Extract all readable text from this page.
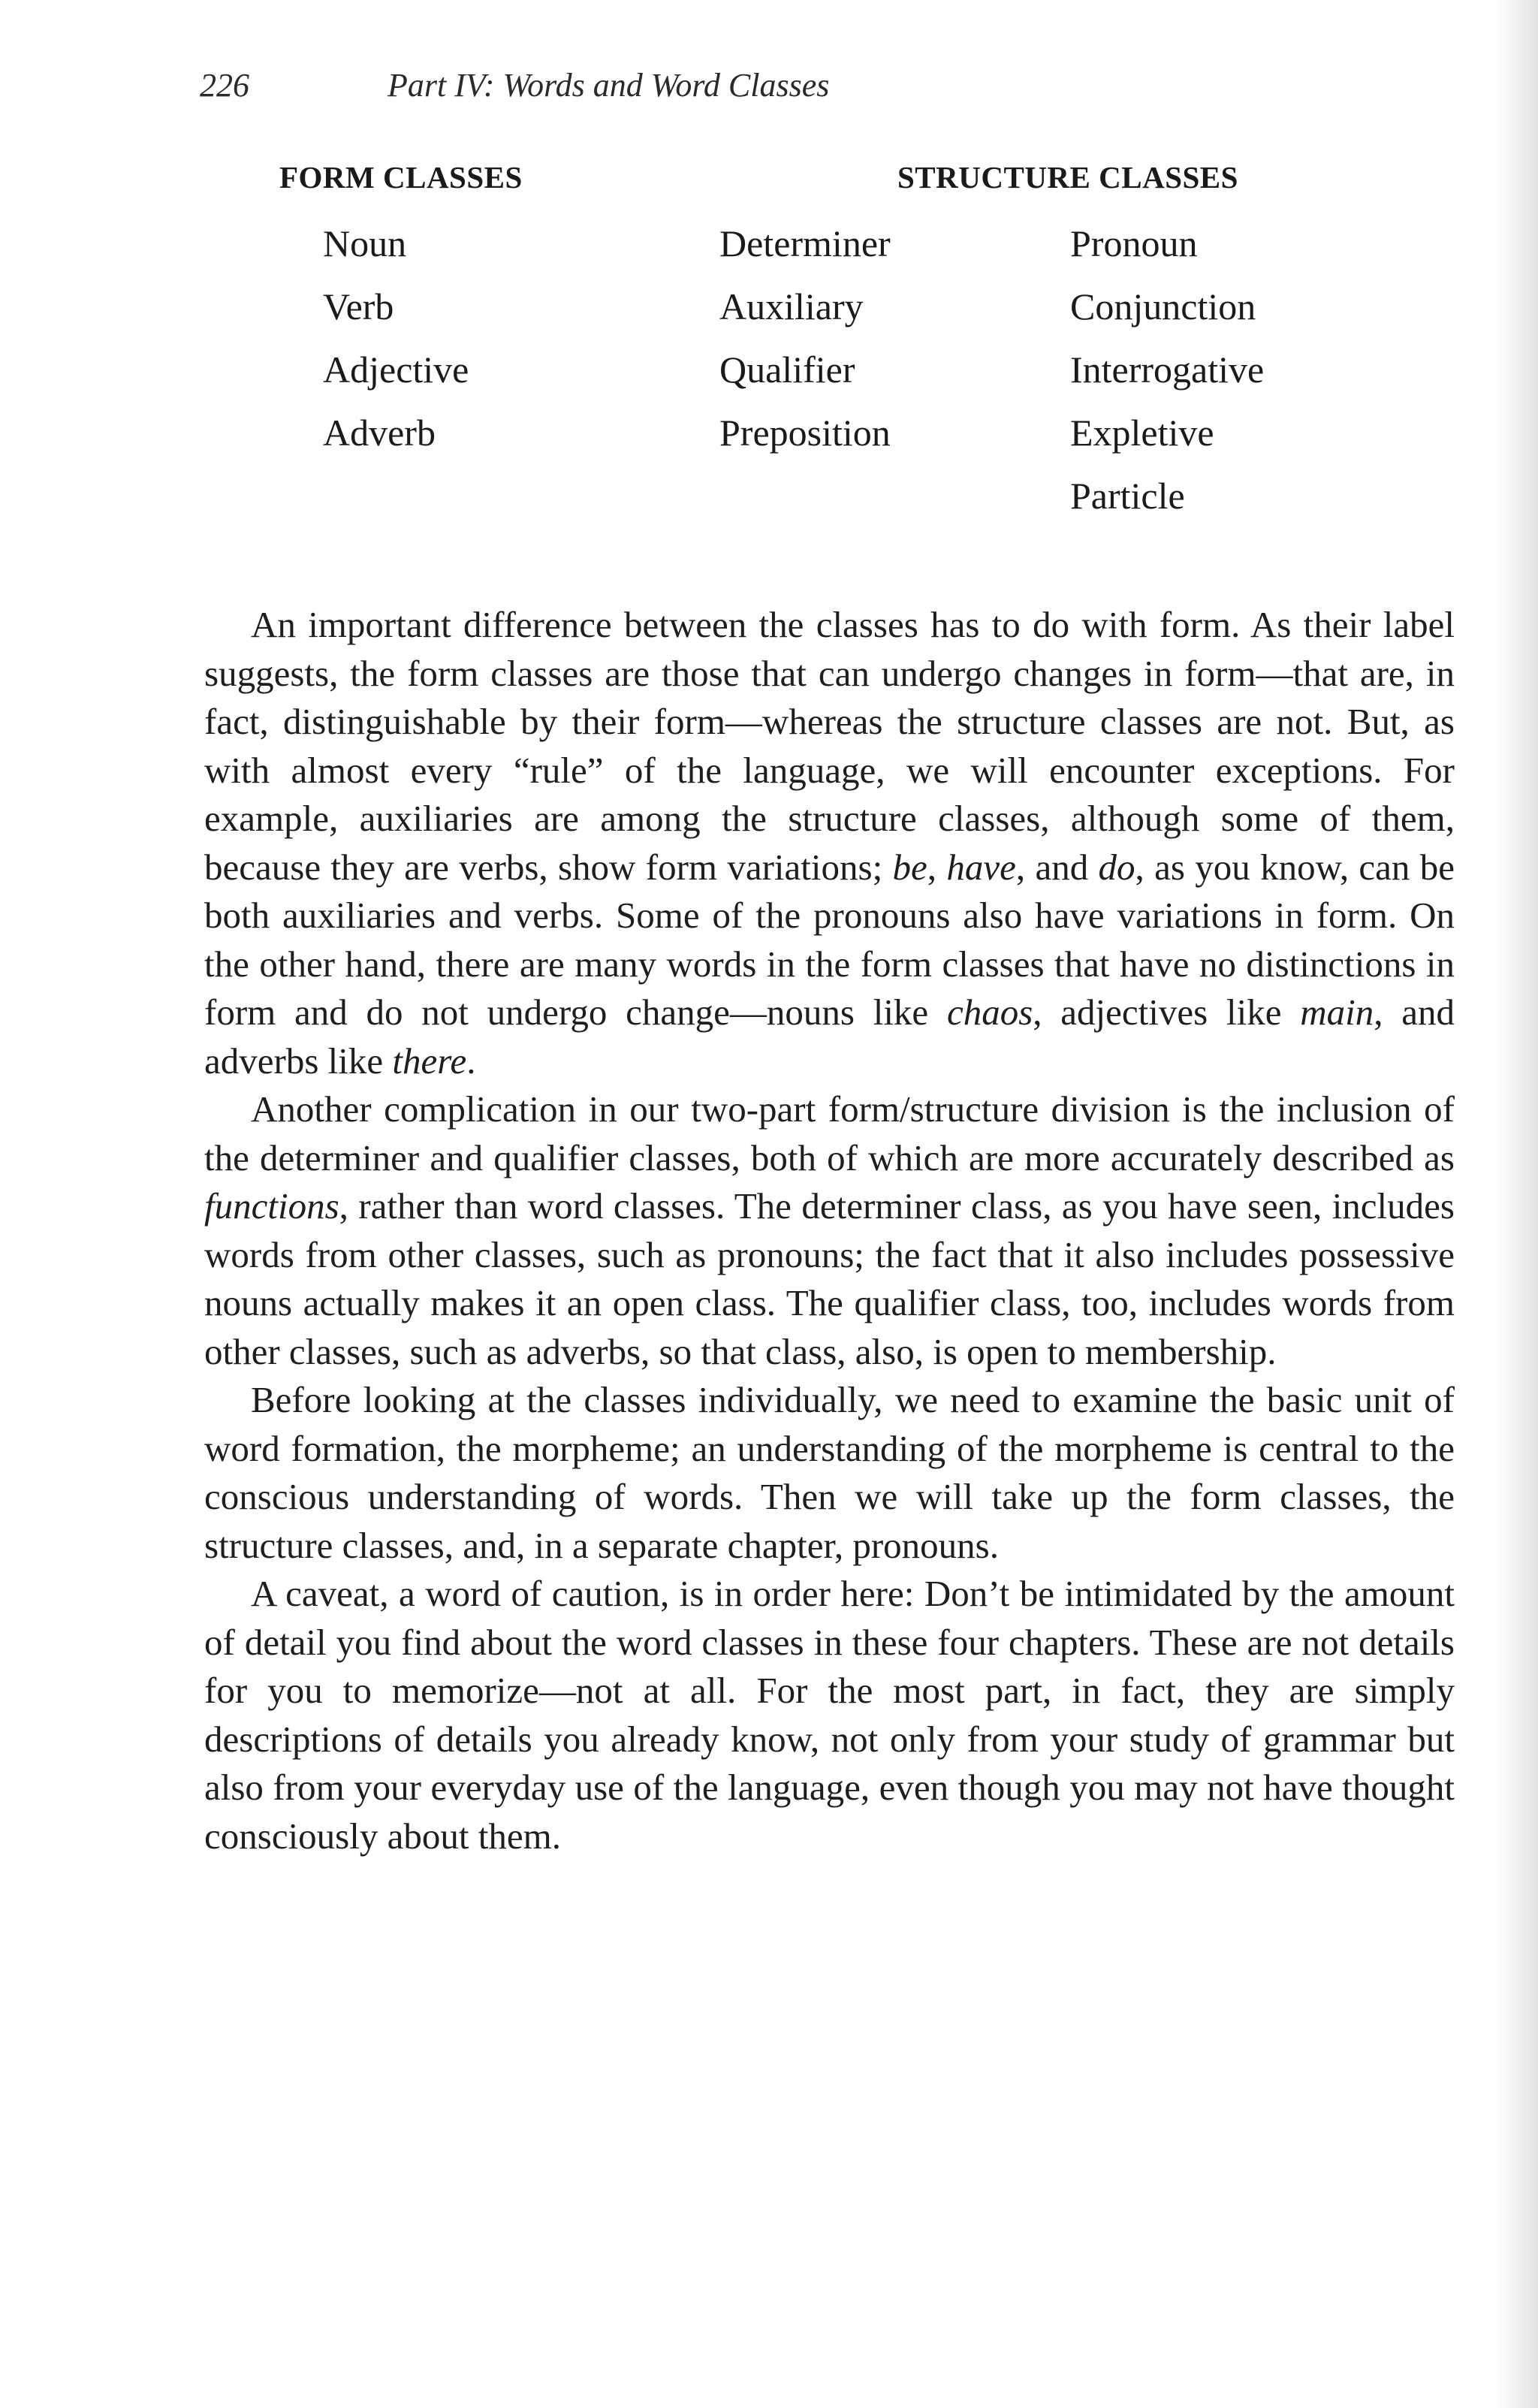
226	Part IV: Words and Word Classes
FORM CLASSES	STRUCTURE CLASSES
Noun
Verb
Adjective
Adverb
Determiner
Auxiliary
Qualifier
Preposition
Pronoun
Conjunction
Interrogative
Expletive
Particle

An important difference between the classes has to do with form. As their label suggests, the form classes are those that can undergo changes in form—that are, in fact, distinguishable by their form—whereas the structure classes are not. But, as with almost every “rule” of the language, we will encounter exceptions. For example, auxiliaries are among the structure classes, although some of them, because they are verbs, show form variations; be, have, and do, as you know, can be both auxiliaries and verbs. Some of the pronouns also have variations in form. On the other hand, there are many words in the form classes that have no distinctions in form and do not undergo change—nouns like chaos, adjectives like main, and adverbs like there.

Another complication in our two-part form/structure division is the inclusion of the determiner and qualifier classes, both of which are more accurately described as functions, rather than word classes. The determiner class, as you have seen, includes words from other classes, such as pronouns; the fact that it also includes possessive nouns actually makes it an open class. The qualifier class, too, includes words from other classes, such as adverbs, so that class, also, is open to membership.

Before looking at the classes individually, we need to examine the basic unit of word formation, the morpheme; an understanding of the morpheme is central to the conscious understanding of words. Then we will take up the form classes, the structure classes, and, in a separate chapter, pronouns.

A caveat, a word of caution, is in order here: Don’t be intimidated by the amount of detail you find about the word classes in these four chapters. These are not details for you to memorize—not at all. For the most part, in fact, they are simply descriptions of details you already know, not only from your study of grammar but also from your everyday use of the language, even though you may not have thought consciously about them.
